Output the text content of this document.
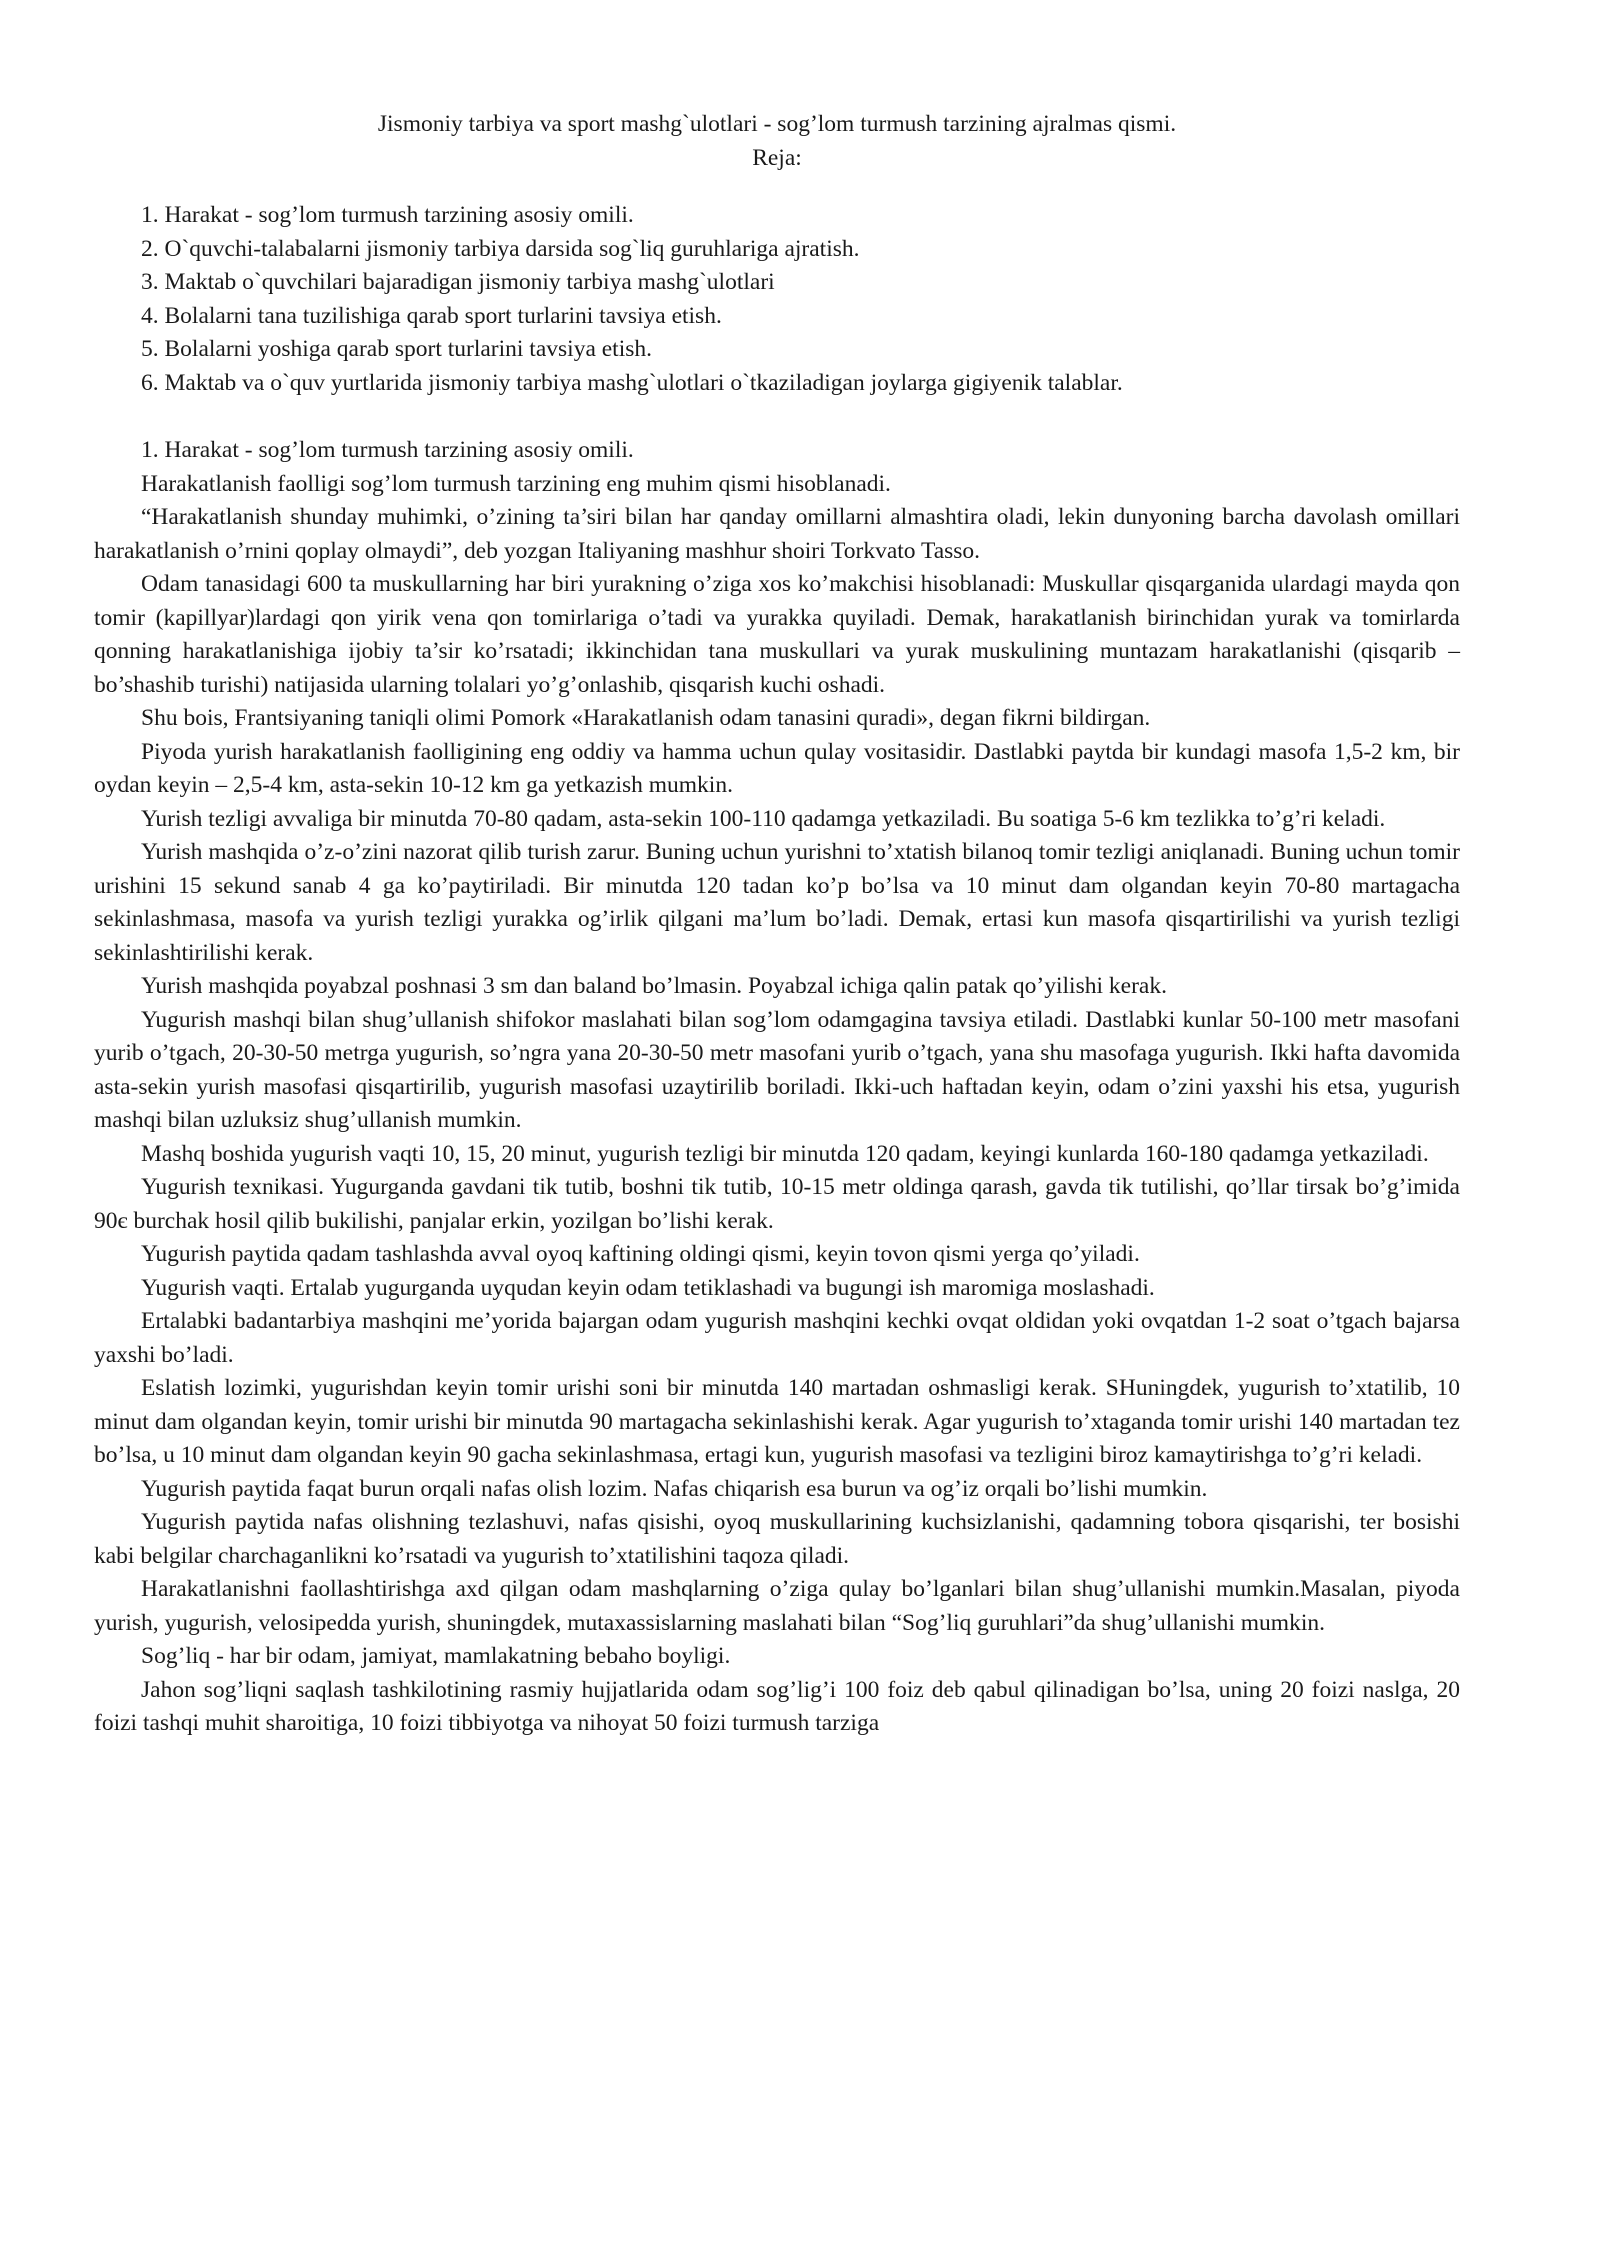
Jismoniy tarbiya va sport mashg`ulotlari - sog’lom turmush tarzining ajralmas qismi.

Reja:

1. Harakat - sog’lom turmush tarzining asosiy omili.
2. O`quvchi-talabalarni jismoniy tarbiya darsida sog`liq guruhlariga ajratish.
3. Maktab o`quvchilari bajaradigan jismoniy tarbiya mashg`ulotlari
4. Bolalarni tana tuzilishiga qarab sport turlarini tavsiya etish.
5. Bolalarni yoshiga qarab sport turlarini tavsiya etish.
6. Maktab va o`quv yurtlarida jismoniy tarbiya mashg`ulotlari o`tkaziladigan joylarga gigiyenik talablar.

1. Harakat - sog’lom turmush tarzining asosiy omili.

Harakatlanish faolligi sog’lom turmush tarzining eng muhim qismi hisoblanadi.

“Harakatlanish shunday muhimki, o’zining ta’siri bilan har qanday omillarni almashtira oladi, lekin dunyoning barcha davolash omillari harakatlanish o’rnini qoplay olmaydi”, deb yozgan Italiyaning mashhur shoiri Torkvato Tasso.

Odam tanasidagi 600 ta muskullarning har biri yurakning o’ziga xos ko’makchisi hisoblanadi: Muskullar qisqarganida ulardagi mayda qon tomir (kapillyar)lardagi qon yirik vena qon tomirlariga o’tadi va yurakka quyiladi. Demak, harakatlanish birinchidan yurak va tomirlarda qonning harakatlanishiga ijobiy ta’sir ko’rsatadi; ikkinchidan tana muskullari va yurak muskulining muntazam harakatlanishi (qisqarib – bo’shashib turishi) natijasida ularning tolalari yo’g’onlashib, qisqarish kuchi oshadi.

Shu bois, Frantsiyaning taniqli olimi Pomork «Harakatlanish odam tanasini quradi», degan fikrni bildirgan.

Piyoda yurish harakatlanish faolligining eng oddiy va hamma uchun qulay vositasidir. Dastlabki paytda bir kundagi masofa 1,5-2 km, bir oydan keyin – 2,5-4 km, asta-sekin 10-12 km ga yetkazish mumkin.

Yurish tezligi avvaliga bir minutda 70-80 qadam, asta-sekin 100-110 qadamga yetkaziladi. Bu soatiga 5-6 km tezlikka to’g’ri keladi.

Yurish mashqida o’z-o’zini nazorat qilib turish zarur. Buning uchun yurishni to’xtatish bilanoq tomir tezligi aniqlanadi. Buning uchun tomir urishini 15 sekund sanab 4 ga ko’paytiriladi. Bir minutda 120 tadan ko’p bo’lsa va 10 minut dam olgandan keyin 70-80 martagacha sekinlashmasa, masofa va yurish tezligi yurakka og’irlik qilgani ma’lum bo’ladi. Demak, ertasi kun masofa qisqartirilishi va yurish tezligi sekinlashtirilishi kerak.

Yurish mashqida poyabzal poshnasi 3 sm dan baland bo’lmasin. Poyabzal ichiga qalin patak qo’yilishi kerak.

Yugurish mashqi bilan shug’ullanish shifokor maslahati bilan sog’lom odamgagina tavsiya etiladi. Dastlabki kunlar 50-100 metr masofani yurib o’tgach, 20-30-50 metrga yugurish, so’ngra yana 20-30-50 metr masofani yurib o’tgach, yana shu masofaga yugurish. Ikki hafta davomida asta-sekin yurish masofasi qisqartirilib, yugurish masofasi uzaytirilib boriladi. Ikki-uch haftadan keyin, odam o’zini yaxshi his etsa, yugurish mashqi bilan uzluksiz shug’ullanish mumkin.

Mashq boshida yugurish vaqti 10, 15, 20 minut, yugurish tezligi bir minutda 120 qadam, keyingi kunlarda 160-180 qadamga yetkaziladi.

Yugurish texnikasi. Yugurganda gavdani tik tutib, boshni tik tutib, 10-15 metr oldinga qarash, gavda tik tutilishi, qo’llar tirsak bo’g’imida 90є burchak hosil qilib bukilishi, panjalar erkin, yozilgan bo’lishi kerak.

Yugurish paytida qadam tashlashda avval oyoq kaftining oldingi qismi, keyin tovon qismi yerga qo’yiladi.

Yugurish vaqti. Ertalab yugurganda uyqudan keyin odam tetiklashadi va bugungi ish maromiga moslashadi.

Ertalabki badantarbiya mashqini me’yorida bajargan odam yugurish mashqini kechki ovqat oldidan yoki ovqatdan 1-2 soat o’tgach bajarsa yaxshi bo’ladi.

Eslatish lozimki, yugurishdan keyin tomir urishi soni bir minutda 140 martadan oshmasligi kerak. SHuningdek, yugurish to’xtatilib, 10 minut dam olgandan keyin, tomir urishi bir minutda 90 martagacha sekinlashishi kerak. Agar yugurish to’xtaganda tomir urishi 140 martadan tez bo’lsa, u 10 minut dam olgandan keyin 90 gacha sekinlashmasa, ertagi kun, yugurish masofasi va tezligini biroz kamaytirishga to’g’ri keladi.

Yugurish paytida faqat burun orqali nafas olish lozim. Nafas chiqarish esa burun va og’iz orqali bo’lishi mumkin.

Yugurish paytida nafas olishning tezlashuvi, nafas qisishi, oyoq muskullarining kuchsizlanishi, qadamning tobora qisqarishi, ter bosishi kabi belgilar charchaganlikni ko’rsatadi va yugurish to’xtatilishini taqoza qiladi.

Harakatlanishni faollashtirishga axd qilgan odam mashqlarning o’ziga qulay bo’lganlari bilan shug’ullanishi mumkin.Masalan, piyoda yurish, yugurish, velosipedda yurish, shuningdek, mutaxassislarning maslahati bilan “Sog’liq guruhlari”da shug’ullanishi mumkin.

Sog’liq - har bir odam, jamiyat, mamlakatning bebaho boyligi.

Jahon sog’liqni saqlash tashkilotining rasmiy hujjatlarida odam sog’lig’i 100 foiz deb qabul qilinadigan bo’lsa, uning 20 foizi naslga, 20 foizi tashqi muhit sharoitiga, 10 foizi tibbiyotga va nihoyat 50 foizi turmush tarziga
